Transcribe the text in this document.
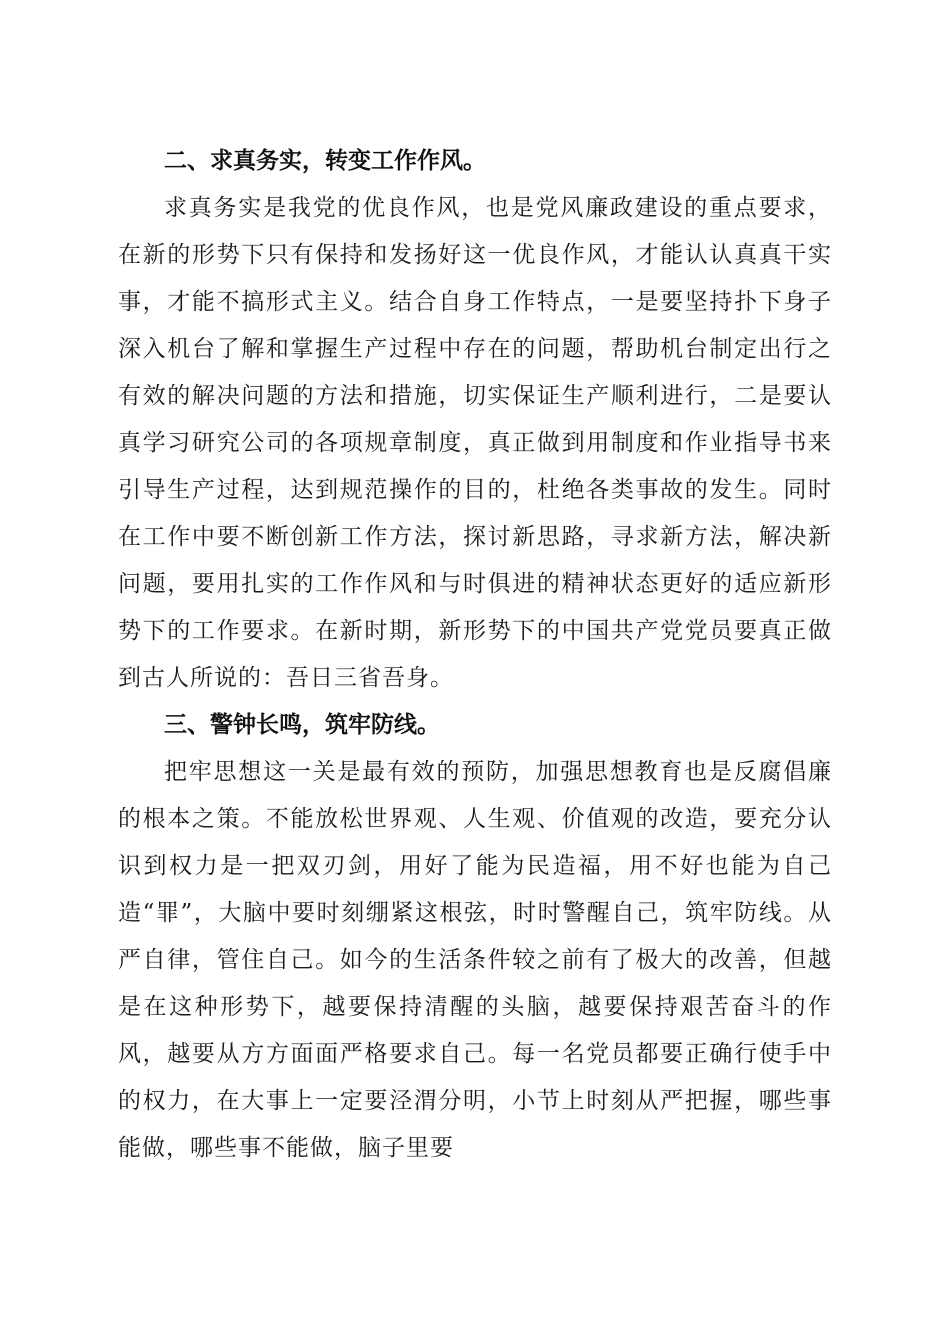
二、求真务实，转变工作作风。

求真务实是我党的优良作风，也是党风廉政建设的重点要求，在新的形势下只有保持和发扬好这一优良作风，才能认认真真干实事，才能不搞形式主义。结合自身工作特点，一是要坚持扑下身子深入机台了解和掌握生产过程中存在的问题，帮助机台制定出行之有效的解决问题的方法和措施，切实保证生产顺利进行，二是要认真学习研究公司的各项规章制度，真正做到用制度和作业指导书来引导生产过程，达到规范操作的目的，杜绝各类事故的发生。同时在工作中要不断创新工作方法，探讨新思路，寻求新方法，解决新问题，要用扎实的工作作风和与时俱进的精神状态更好的适应新形势下的工作要求。在新时期，新形势下的中国共产党党员要真正做到古人所说的：吾日三省吾身。

三、警钟长鸣，筑牢防线。

把牢思想这一关是最有效的预防，加强思想教育也是反腐倡廉的根本之策。不能放松世界观、人生观、价值观的改造，要充分认识到权力是一把双刃剑，用好了能为民造福，用不好也能为自己造“罪”，大脑中要时刻绷紧这根弦，时时警醒自己，筑牢防线。从严自律，管住自己。如今的生活条件较之前有了极大的改善，但越是在这种形势下，越要保持清醒的头脑，越要保持艰苦奋斗的作风，越要从方方面面严格要求自己。每一名党员都要正确行使手中的权力，在大事上一定要泾渭分明，小节上时刻从严把握，哪些事能做，哪些事不能做，脑子里要
